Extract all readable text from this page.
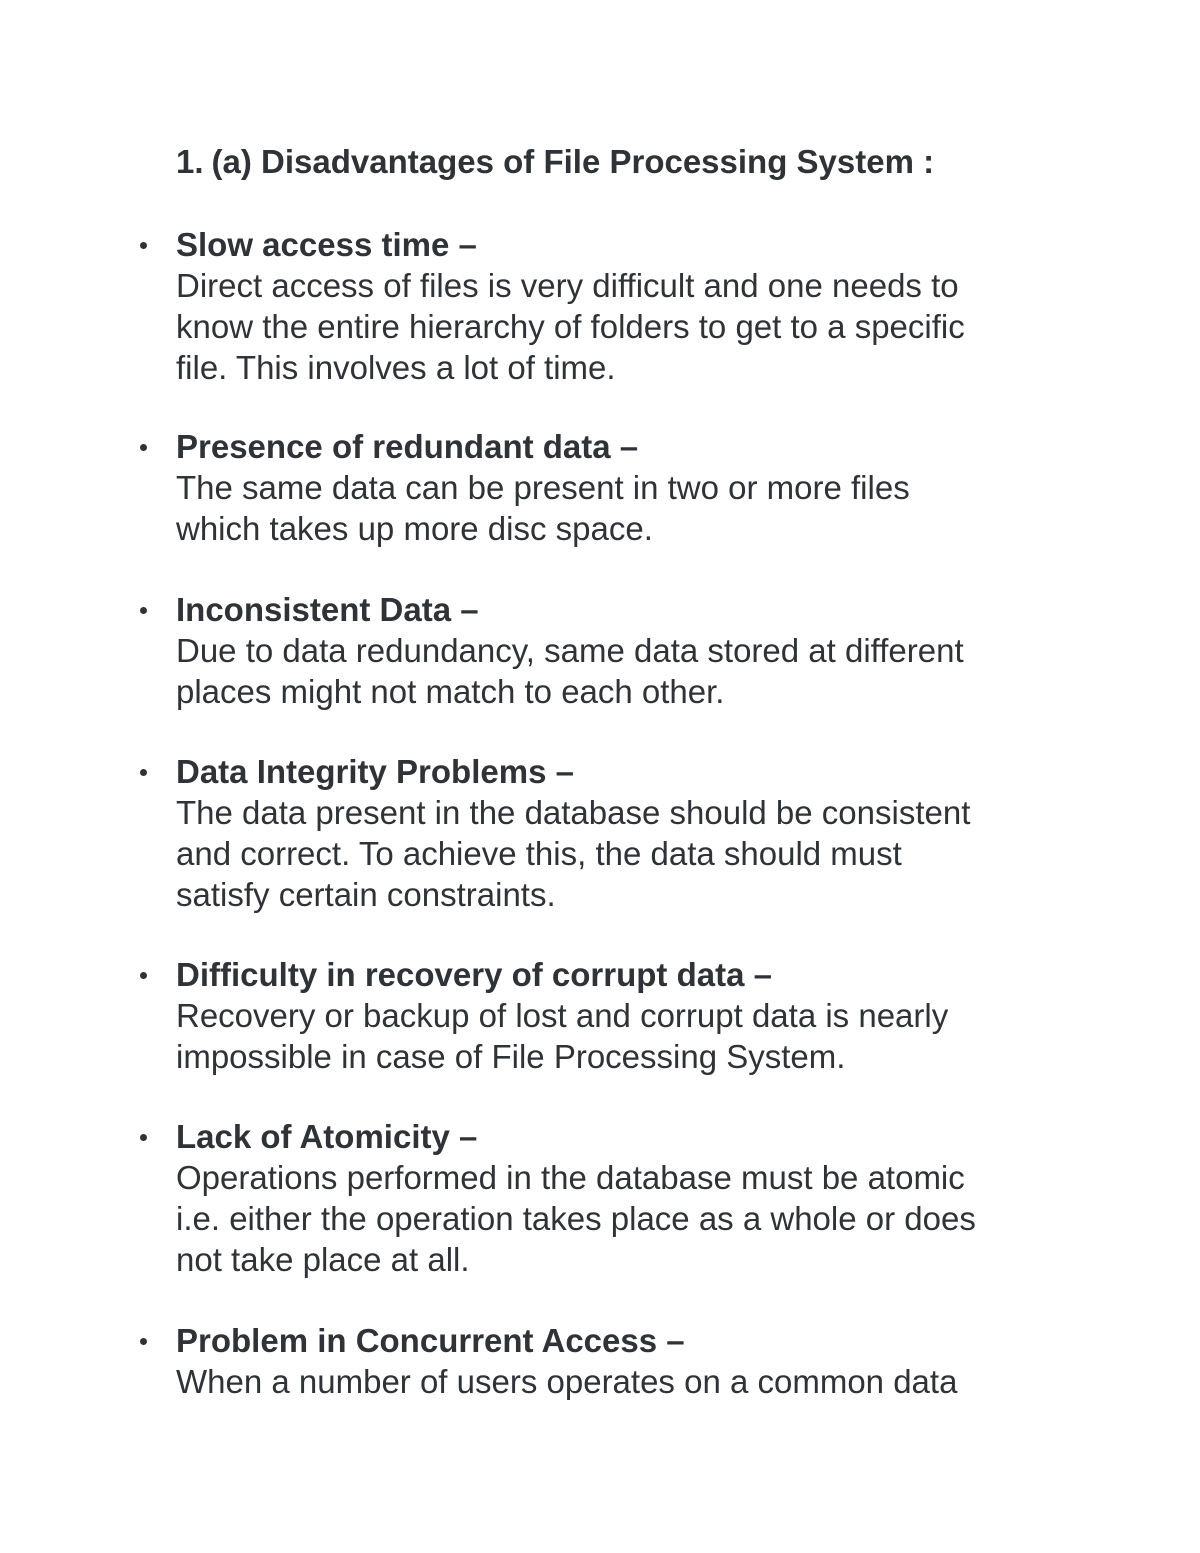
1. (a) Disadvantages of File Processing System :
Slow access time –
Direct access of files is very difficult and one needs to
know the entire hierarchy of folders to get to a specific
file. This involves a lot of time.
Presence of redundant data –
The same data can be present in two or more files
which takes up more disc space.
Inconsistent Data –
Due to data redundancy, same data stored at different
places might not match to each other.
Data Integrity Problems –
The data present in the database should be consistent
and correct. To achieve this, the data should must
satisfy certain constraints.
Difficulty in recovery of corrupt data –
Recovery or backup of lost and corrupt data is nearly
impossible in case of File Processing System.
Lack of Atomicity –
Operations performed in the database must be atomic
i.e. either the operation takes place as a whole or does
not take place at all.
Problem in Concurrent Access –
When a number of users operates on a common data
